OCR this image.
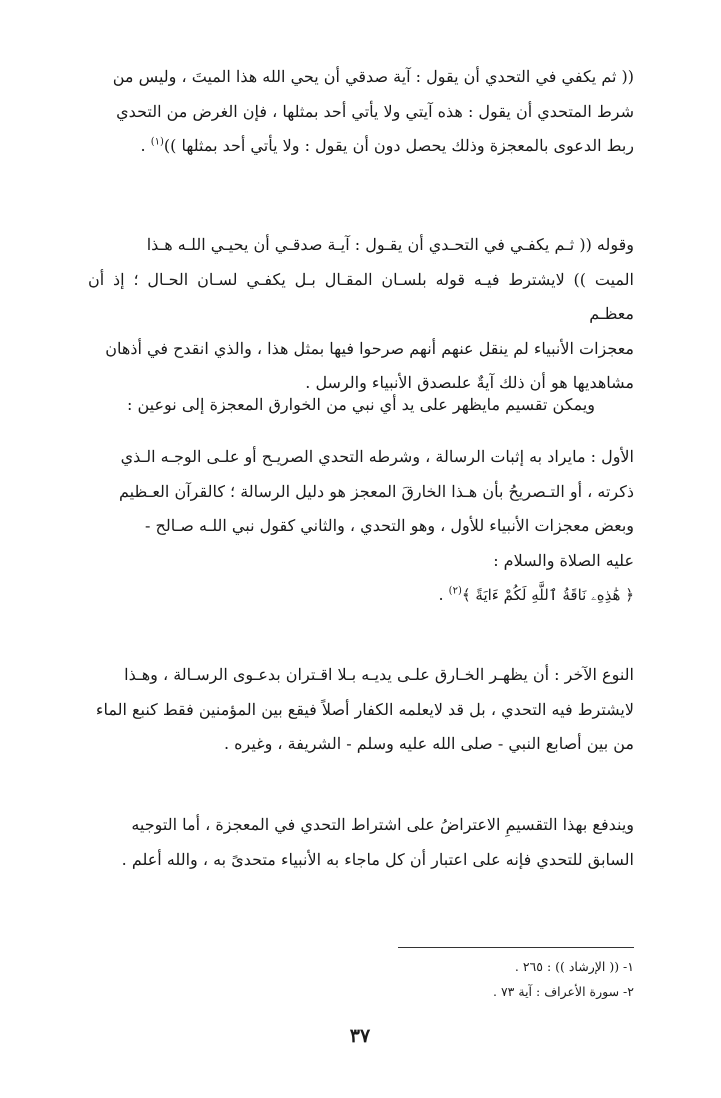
(( ثم يكفي في التحدي أن يقول : آية صدقي أن يحي الله هذا الميتَ ، وليس من
شرط المتحدي أن يقول : هذه آيتي ولا يأتي أحد بمثلها ، فإن الغرض من التحدي
ربط الدعوى بالمعجزة وذلك يحصل دون أن يقول : ولا يأتي أحد بمثلها ))$^{(١)}$ .
وقوله (( ثـم يكفـي في التحـدي أن يقـول : آيـة صدقـي أن يحيـي اللـه هـذا
الميت )) لايشترط فيـه قوله بلسـان المقـال بـل يكفـي لسـان الحـال ؛ إذ أن معظـم
معجزات الأنبياء لم ينقل عنهم أنهم صرحوا فيها بمثل هذا ، والذي انقدح في أذهان
مشاهديها هو أن ذلك آيةٌ علىصدق الأنبياء والرسل .
ويمكن تقسيم مايظهر على يد أي نبي من الخوارق المعجزة إلى نوعين :
الأول : مايراد به إثبات الرسالة ، وشرطه التحدي الصريـح أو علـى الوجـه الـذي
ذكرته ، أو التـصريحُ بأن هـذا الخارقَ المعجز هو دليل الرسالة ؛ كالقرآن العـظيم
وبعض معجزات الأنبياء للأول ، وهو التحدي ، والثاني كقول نبي اللـه صـالح -
عليه الصلاة والسلام :
﴿ هَٰذِهِۦ نَاقَةُ ٱللَّهِ لَكُمْ ءَايَةً ﴾$^{(٢)}$ .
النوع الآخر : أن يظهـر الخـارق علـى يديـه بـلا اقـتران بدعـوى الرسـالة ، وهـذا
لايشترط فيه التحدي ، بل قد لايعلمه الكفار أصلاً فيقع بين المؤمنين فقط كنبع الماء
من بين أصابع النبي - صلى الله عليه وسلم - الشريفة ، وغيره .
ويندفع بهذا التقسيمِ الاعتراضُ على اشتراط التحدي في المعجزة ، أما التوجيه
السابق للتحدي فإنه على اعتبار أن كل ماجاء به الأنبياء متحدىً به ، والله أعلم .
١- (( الإرشاد )) : ٢٦٥ .
٢- سورة الأعراف : آية ٧٣ .
٣٧
